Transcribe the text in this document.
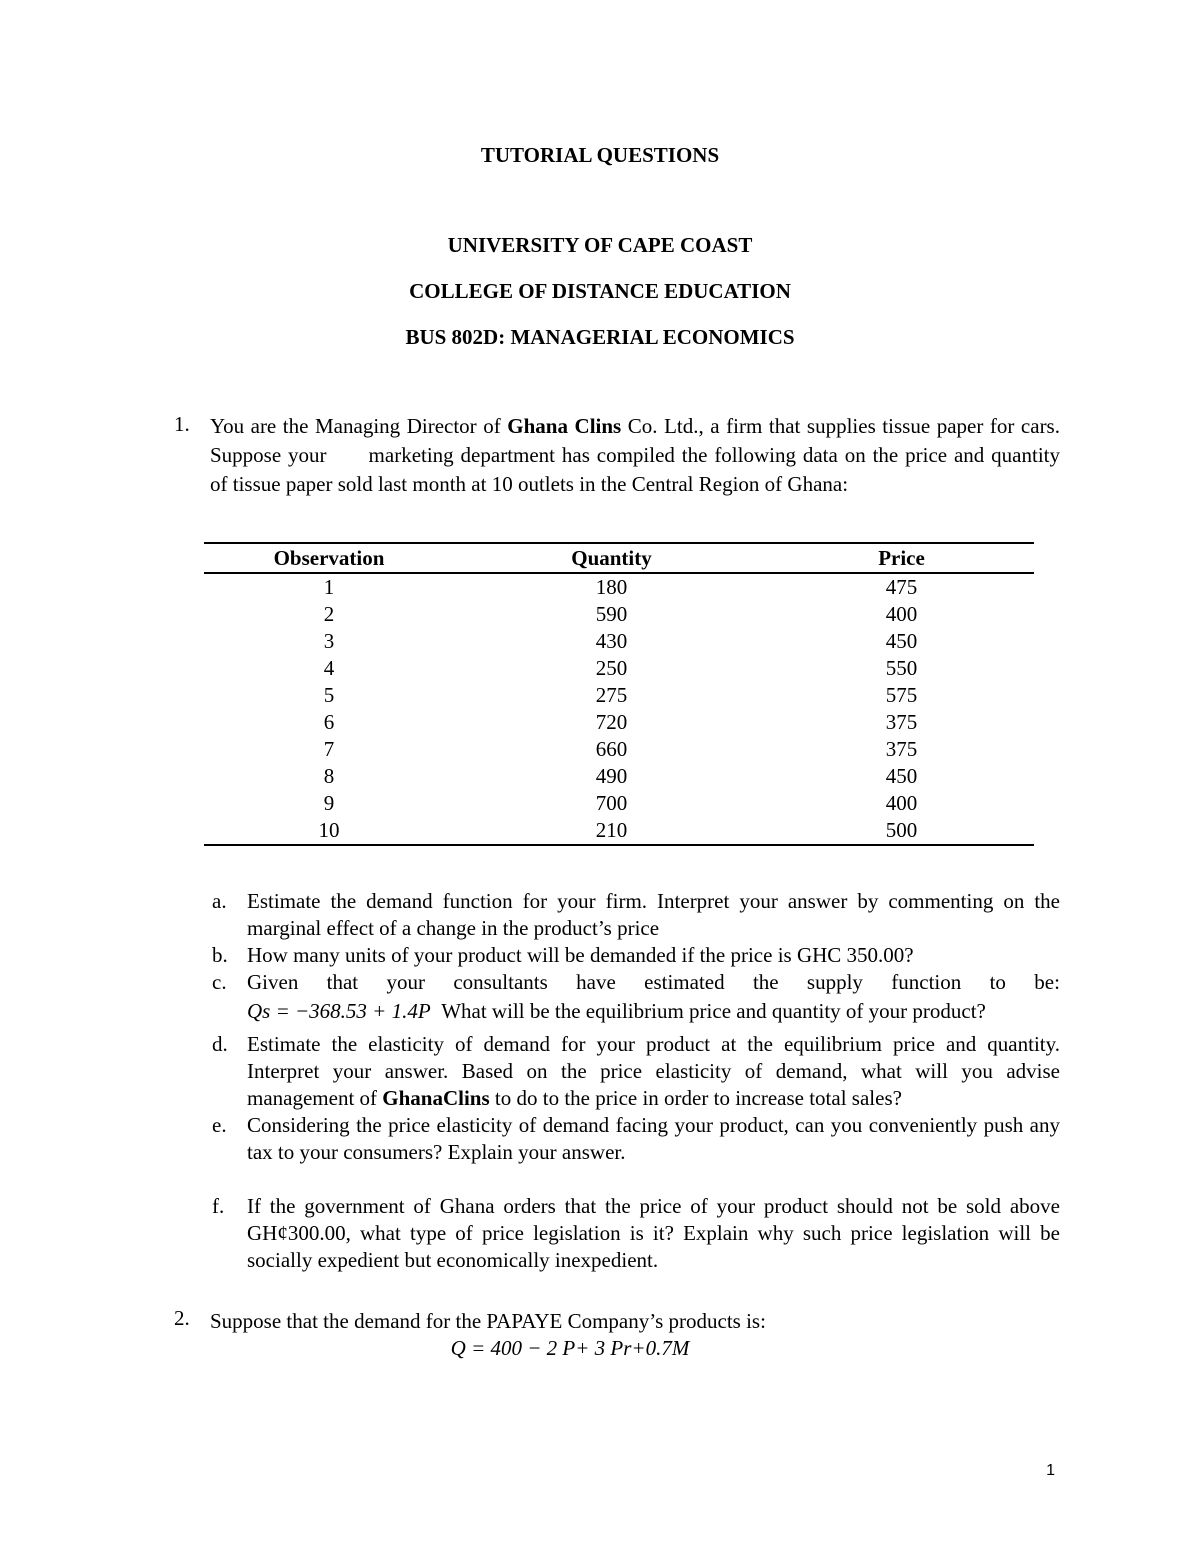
TUTORIAL QUESTIONS
UNIVERSITY OF CAPE COAST
COLLEGE OF DISTANCE EDUCATION
BUS 802D: MANAGERIAL ECONOMICS
1. You are the Managing Director of Ghana Clins Co. Ltd., a firm that supplies tissue paper for cars. Suppose your marketing department has compiled the following data on the price and quantity of tissue paper sold last month at 10 outlets in the Central Region of Ghana:
Observation	Quantity	Price
1	180	475
2	590	400
3	430	450
4	250	550
5	275	575
6	720	375
7	660	375
8	490	450
9	700	400
10	210	500
a. Estimate the demand function for your firm. Interpret your answer by commenting on the marginal effect of a change in the product’s price
b. How many units of your product will be demanded if the price is GHC 350.00?
c. Given that your consultants have estimated the supply function to be:
Qs = −368.53 + 1.4P What will be the equilibrium price and quantity of your product?
d. Estimate the elasticity of demand for your product at the equilibrium price and quantity. Interpret your answer. Based on the price elasticity of demand, what will you advise management of GhanaClins to do to the price in order to increase total sales?
e. Considering the price elasticity of demand facing your product, can you conveniently push any tax to your consumers? Explain your answer.
f. If the government of Ghana orders that the price of your product should not be sold above GH¢300.00, what type of price legislation is it? Explain why such price legislation will be socially expedient but economically inexpedient.
2. Suppose that the demand for the PAPAYE Company’s products is:
Q = 400 − 2 P+ 3 Pr+0.7M
1
